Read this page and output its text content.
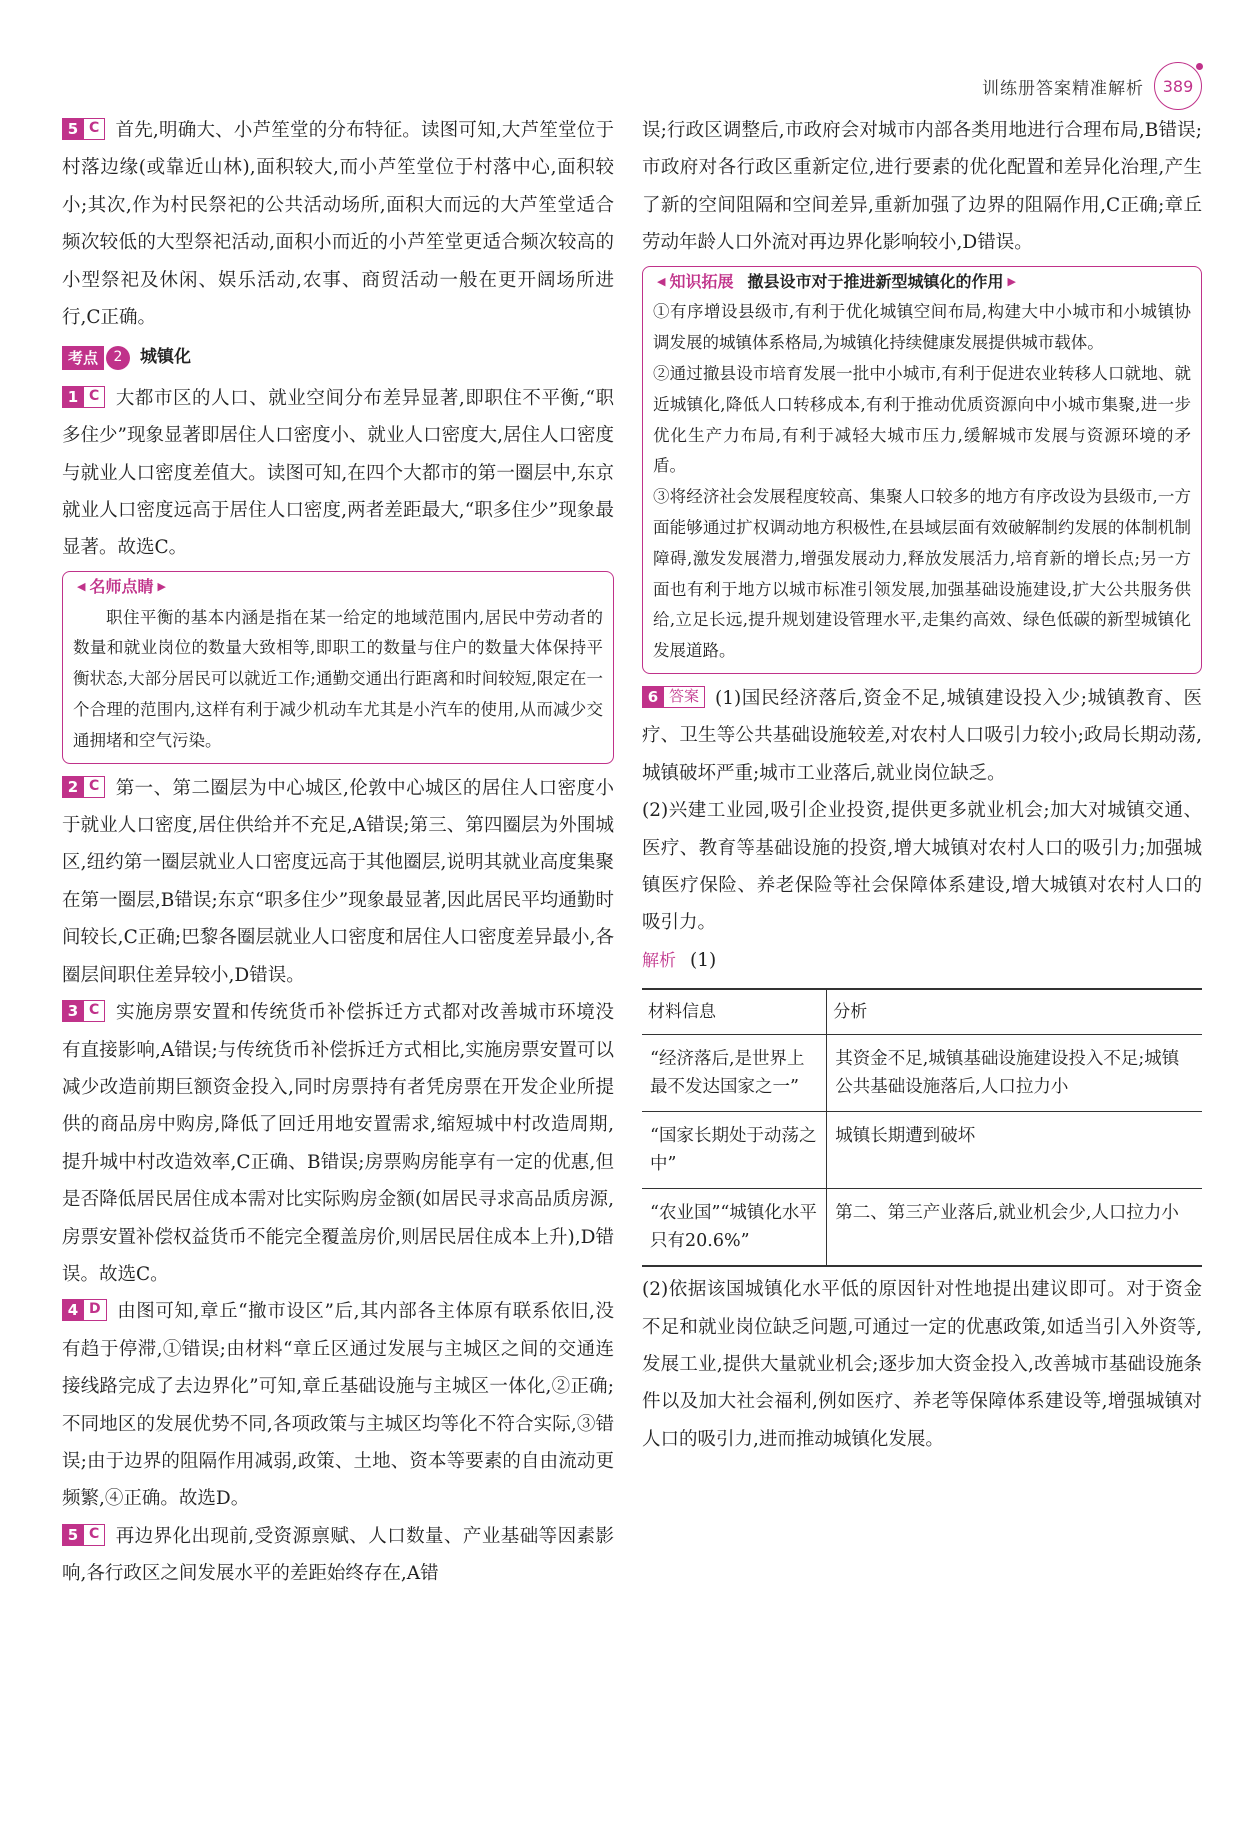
训练册答案精准解析	389

5 C 首先,明确大、小芦笙堂的分布特征。读图可知,大芦笙堂位于村落边缘(或靠近山林),面积较大,而小芦笙堂位于村落中心,面积较小;其次,作为村民祭祀的公共活动场所,面积大而远的大芦笙堂适合频次较低的大型祭祀活动,面积小而近的小芦笙堂更适合频次较高的小型祭祀及休闲、娱乐活动,农事、商贸活动一般在更开阔场所进行,C正确。

考点	2	城镇化

1 C 大都市区的人口、就业空间分布差异显著,即职住不平衡,“职多住少”现象显著即居住人口密度小、就业人口密度大,居住人口密度与就业人口密度差值大。读图可知,在四个大都市的第一圈层中,东京就业人口密度远高于居住人口密度,两者差距最大,“职多住少”现象最显著。故选C。

◀ 名师点睛 ▶

职住平衡的基本内涵是指在某一给定的地域范围内,居民中劳动者的数量和就业岗位的数量大致相等,即职工的数量与住户的数量大体保持平衡状态,大部分居民可以就近工作;通勤交通出行距离和时间较短,限定在一个合理的范围内,这样有利于减少机动车尤其是小汽车的使用,从而减少交通拥堵和空气污染。

2 C 第一、第二圈层为中心城区,伦敦中心城区的居住人口密度小于就业人口密度,居住供给并不充足,A错误;第三、第四圈层为外围城区,纽约第一圈层就业人口密度远高于其他圈层,说明其就业高度集聚在第一圈层,B错误;东京“职多住少”现象最显著,因此居民平均通勤时间较长,C正确;巴黎各圈层就业人口密度和居住人口密度差异最小,各圈层间职住差异较小,D错误。

3 C 实施房票安置和传统货币补偿拆迁方式都对改善城市环境没有直接影响,A错误;与传统货币补偿拆迁方式相比,实施房票安置可以减少改造前期巨额资金投入,同时房票持有者凭房票在开发企业所提供的商品房中购房,降低了回迁用地安置需求,缩短城中村改造周期,提升城中村改造效率,C正确、B错误;房票购房能享有一定的优惠,但是否降低居民居住成本需对比实际购房金额(如居民寻求高品质房源,房票安置补偿权益货币不能完全覆盖房价,则居民居住成本上升),D错误。故选C。

4 D 由图可知,章丘“撤市设区”后,其内部各主体原有联系依旧,没有趋于停滞,①错误;由材料“章丘区通过发展与主城区之间的交通连接线路完成了去边界化”可知,章丘基础设施与主城区一体化,②正确;不同地区的发展优势不同,各项政策与主城区均等化不符合实际,③错误;由于边界的阻隔作用减弱,政策、土地、资本等要素的自由流动更频繁,④正确。故选D。

5 C 再边界化出现前,受资源禀赋、人口数量、产业基础等因素影响,各行政区之间发展水平的差距始终存在,A错

误;行政区调整后,市政府会对城市内部各类用地进行合理布局,B错误;市政府对各行政区重新定位,进行要素的优化配置和差异化治理,产生了新的空间阻隔和空间差异,重新加强了边界的阻隔作用,C正确;章丘劳动年龄人口外流对再边界化影响较小,D错误。

◀ 知识拓展 撤县设市对于推进新型城镇化的作用 ▶

①有序增设县级市,有利于优化城镇空间布局,构建大中小城市和小城镇协调发展的城镇体系格局,为城镇化持续健康发展提供城市载体。

②通过撤县设市培育发展一批中小城市,有利于促进农业转移人口就地、就近城镇化,降低人口转移成本,有利于推动优质资源向中小城市集聚,进一步优化生产力布局,有利于减轻大城市压力,缓解城市发展与资源环境的矛盾。

③将经济社会发展程度较高、集聚人口较多的地方有序改设为县级市,一方面能够通过扩权调动地方积极性,在县域层面有效破解制约发展的体制机制障碍,激发发展潜力,增强发展动力,释放发展活力,培育新的增长点;另一方面也有利于地方以城市标准引领发展,加强基础设施建设,扩大公共服务供给,立足长远,提升规划建设管理水平,走集约高效、绿色低碳的新型城镇化发展道路。

6 答案 (1)国民经济落后,资金不足,城镇建设投入少;城镇教育、医疗、卫生等公共基础设施较差,对农村人口吸引力较小;政局长期动荡,城镇破坏严重;城市工业落后,就业岗位缺乏。

(2)兴建工业园,吸引企业投资,提供更多就业机会;加大对城镇交通、医疗、教育等基础设施的投资,增大城镇对农村人口的吸引力;加强城镇医疗保险、养老保险等社会保障体系建设,增大城镇对农村人口的吸引力。

解析 (1)

材料信息	分析
“经济落后,是世界上最不发达国家之一”	其资金不足,城镇基础设施建设投入不足;城镇公共基础设施落后,人口拉力小
“国家长期处于动荡之中”	城镇长期遭到破坏
“农业国”“城镇化水平只有20.6%”	第二、第三产业落后,就业机会少,人口拉力小

(2)依据该国城镇化水平低的原因针对性地提出建议即可。对于资金不足和就业岗位缺乏问题,可通过一定的优惠政策,如适当引入外资等,发展工业,提供大量就业机会;逐步加大资金投入,改善城市基础设施条件以及加大社会福利,例如医疗、养老等保障体系建设等,增强城镇对人口的吸引力,进而推动城镇化发展。
